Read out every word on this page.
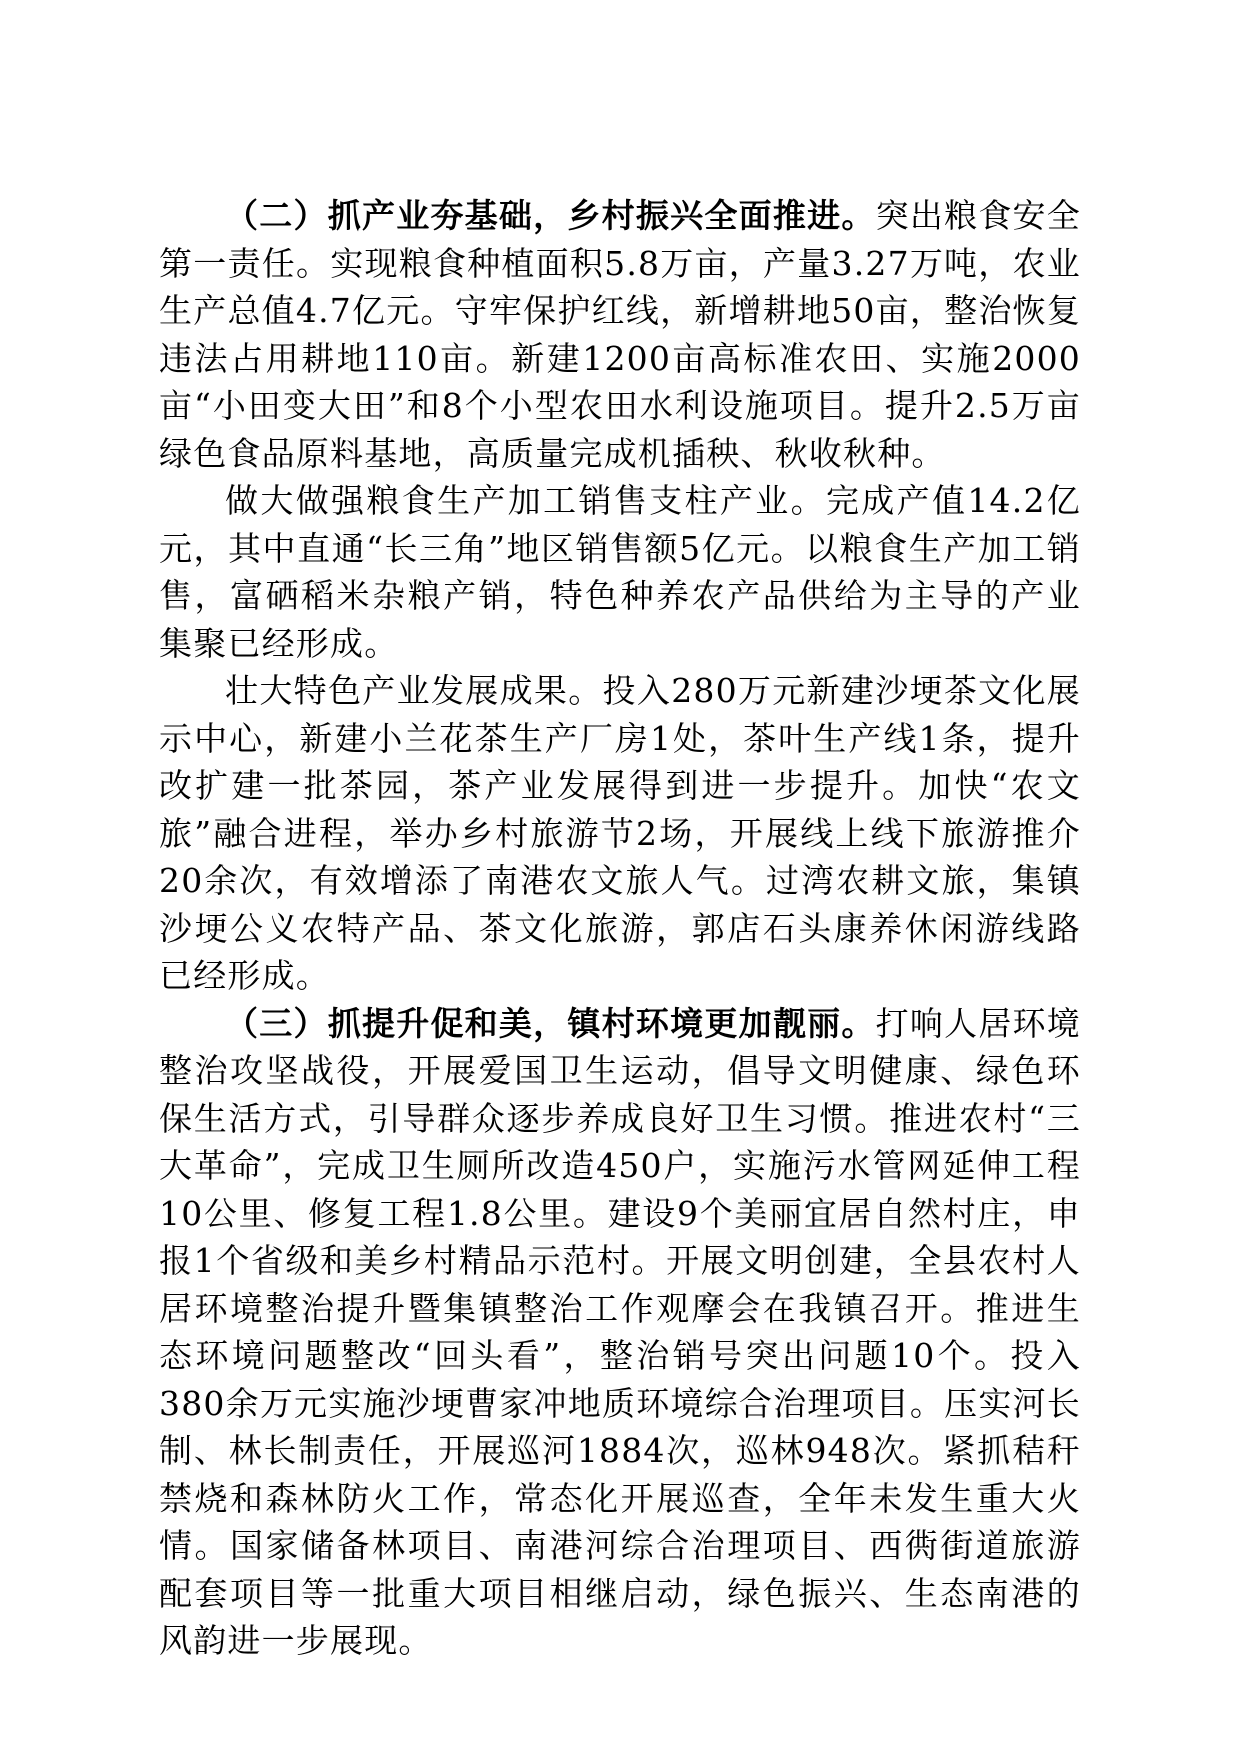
（二）抓产业夯基础，乡村振兴全面推进。突出粮食安全第一责任。实现粮食种植面积5.8万亩，产量3.27万吨，农业生产总值4.7亿元。守牢保护红线，新增耕地50亩，整治恢复违法占用耕地110亩。新建1200亩高标准农田、实施2000亩“小田变大田”和8个小型农田水利设施项目。提升2.5万亩绿色食品原料基地，高质量完成机插秧、秋收秋种。

做大做强粮食生产加工销售支柱产业。完成产值14.2亿元，其中直通“长三角”地区销售额5亿元。以粮食生产加工销售，富硒稻米杂粮产销，特色种养农产品供给为主导的产业集聚已经形成。

壮大特色产业发展成果。投入280万元新建沙埂茶文化展示中心，新建小兰花茶生产厂房1处，茶叶生产线1条，提升改扩建一批茶园，茶产业发展得到进一步提升。加快“农文旅”融合进程，举办乡村旅游节2场，开展线上线下旅游推介20余次，有效增添了南港农文旅人气。过湾农耕文旅，集镇沙埂公义农特产品、茶文化旅游，郭店石头康养休闲游线路已经形成。

（三）抓提升促和美，镇村环境更加靓丽。打响人居环境整治攻坚战役，开展爱国卫生运动，倡导文明健康、绿色环保生活方式，引导群众逐步养成良好卫生习惯。推进农村“三大革命”，完成卫生厕所改造450户，实施污水管网延伸工程10公里、修复工程1.8公里。建设9个美丽宜居自然村庄，申报1个省级和美乡村精品示范村。开展文明创建，全县农村人居环境整治提升暨集镇整治工作观摩会在我镇召开。推进生态环境问题整改“回头看”，整治销号突出问题10个。投入380余万元实施沙埂曹家冲地质环境综合治理项目。压实河长制、林长制责任，开展巡河1884次，巡林948次。紧抓秸秆禁烧和森林防火工作，常态化开展巡查，全年未发生重大火情。国家储备林项目、南港河综合治理项目、西衖街道旅游配套项目等一批重大项目相继启动，绿色振兴、生态南港的风韵进一步展现。
